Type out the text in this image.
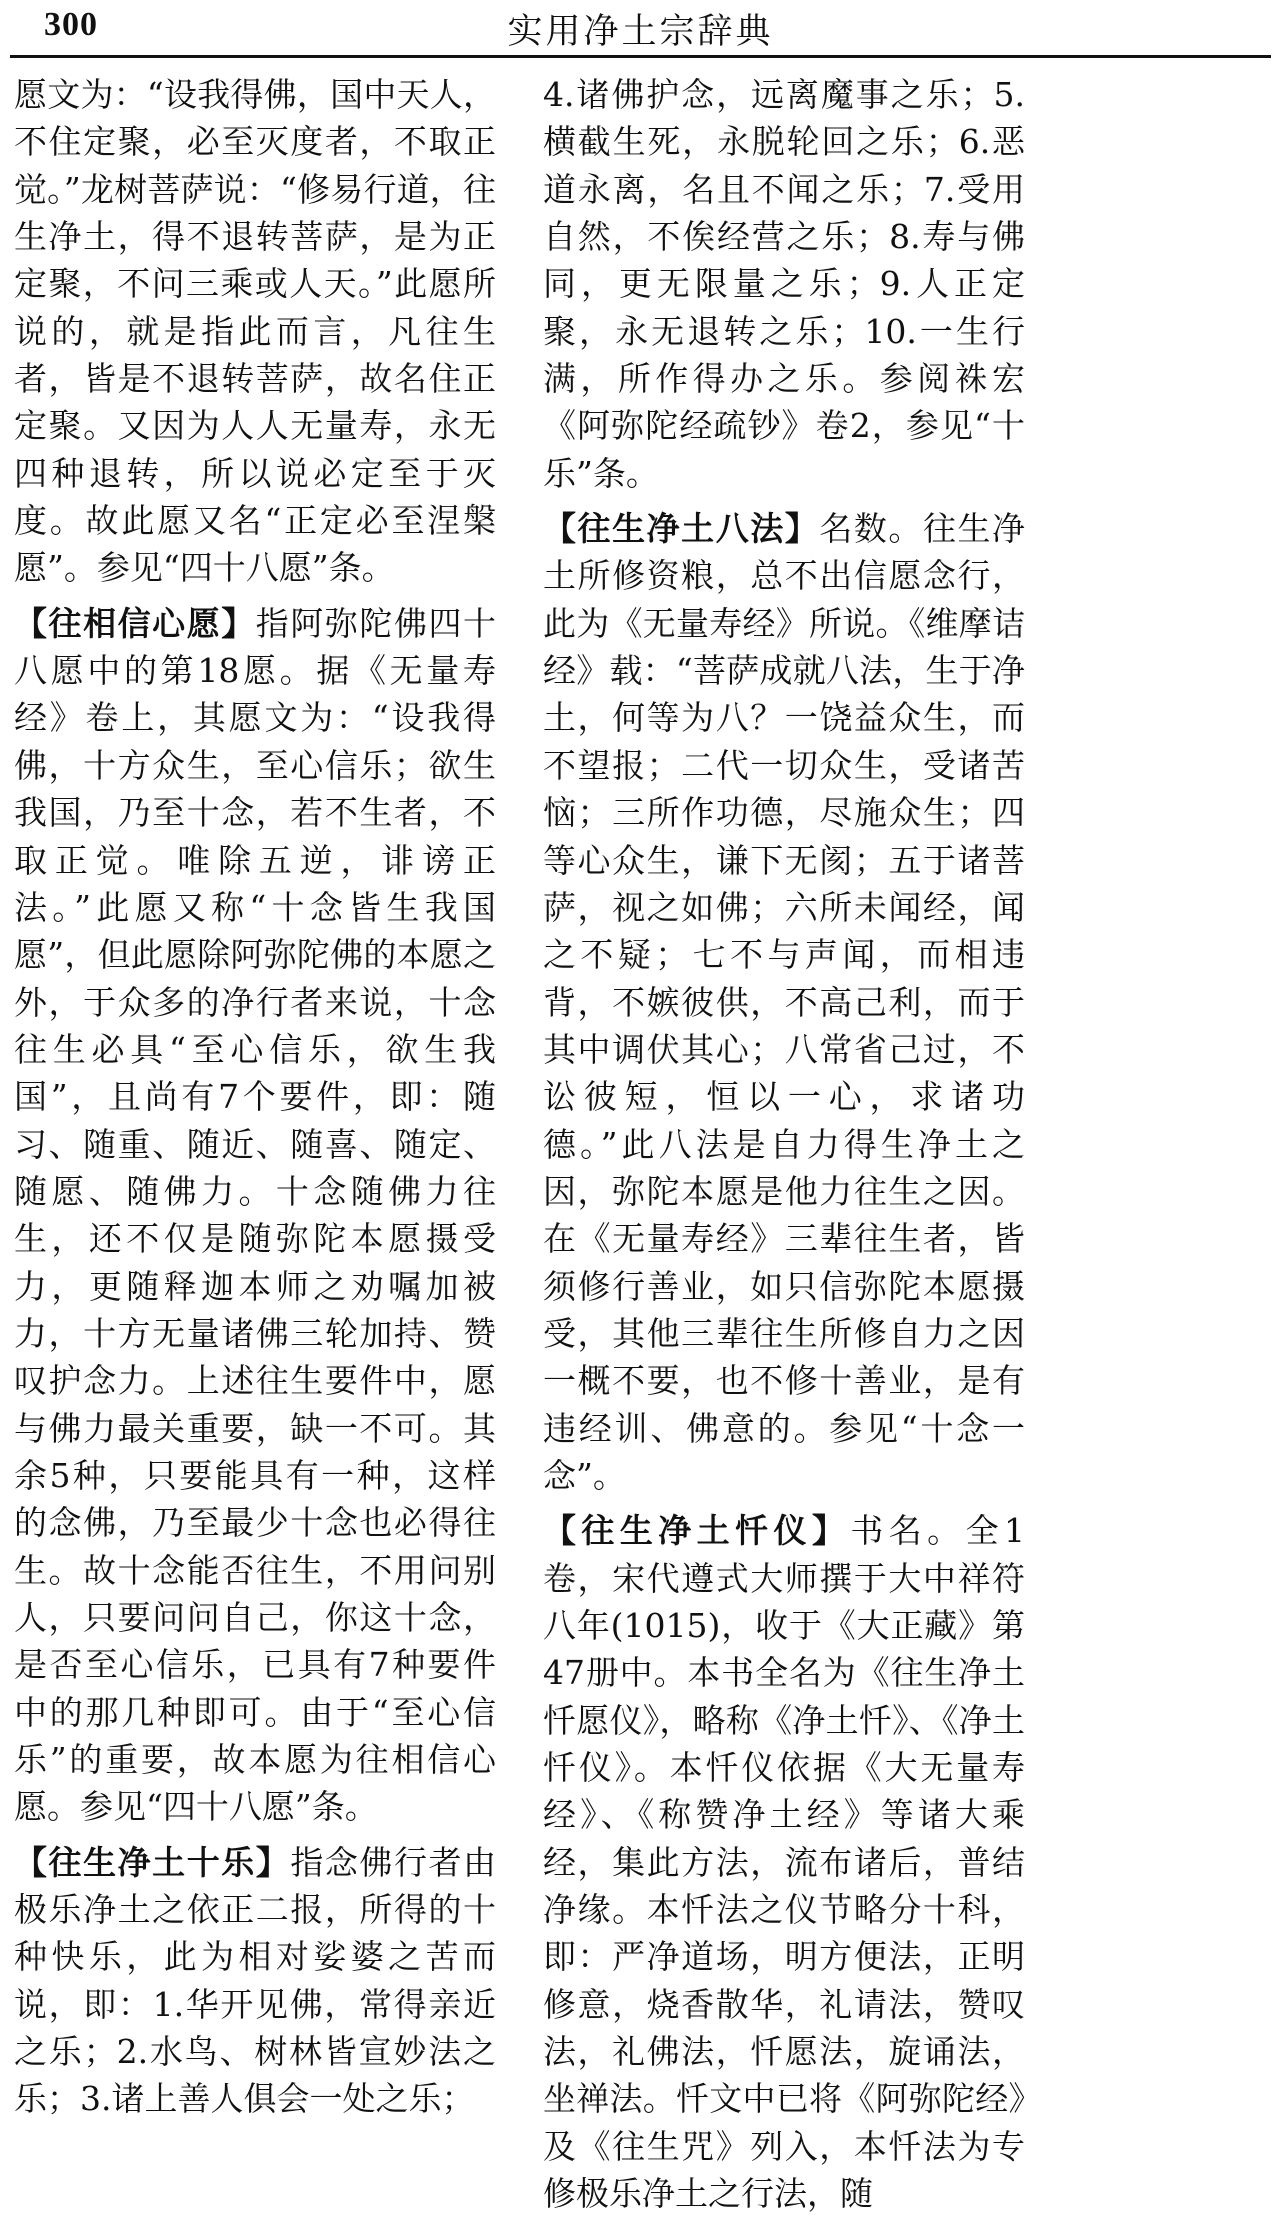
300	实用净土宗辞典

愿文为：“设我得佛，国中天人，不住定聚，必至灭度者，不取正觉。”龙树菩萨说：“修易行道，往生净土，得不退转菩萨，是为正定聚，不问三乘或人天。”此愿所说的，就是指此而言，凡往生者，皆是不退转菩萨，故名住正定聚。又因为人人无量寿，永无四种退转，所以说必定至于灭度。故此愿又名“正定必至涅槃愿”。参见“四十八愿”条。

【往相信心愿】指阿弥陀佛四十八愿中的第18愿。据《无量寿经》卷上，其愿文为：“设我得佛，十方众生，至心信乐；欲生我国，乃至十念，若不生者，不取正觉。唯除五逆，诽谤正法。”此愿又称“十念皆生我国愿”，但此愿除阿弥陀佛的本愿之外，于众多的净行者来说，十念往生必具“至心信乐，欲生我国”，且尚有7个要件，即：随习、随重、随近、随喜、随定、随愿、随佛力。十念随佛力往生，还不仅是随弥陀本愿摄受力，更随释迦本师之劝嘱加被力，十方无量诸佛三轮加持、赞叹护念力。上述往生要件中，愿与佛力最关重要，缺一不可。其余5种，只要能具有一种，这样的念佛，乃至最少十念也必得往生。故十念能否往生，不用问别人，只要问问自己，你这十念，是否至心信乐，已具有7种要件中的那几种即可。由于“至心信乐”的重要，故本愿为往相信心愿。参见“四十八愿”条。

【往生净土十乐】指念佛行者由极乐净土之依正二报，所得的十种快乐，此为相对娑婆之苦而说，即：1.华开见佛，常得亲近之乐；2.水鸟、树林皆宣妙法之乐；3.诸上善人俱会一处之乐；

4.诸佛护念，远离魔事之乐；5.横截生死，永脱轮回之乐；6.恶道永离，名且不闻之乐；7.受用自然，不俟经营之乐；8.寿与佛同，更无限量之乐；9.人正定聚，永无退转之乐；10.一生行满，所作得办之乐。参阅袾宏《阿弥陀经疏钞》卷2，参见“十乐”条。

【往生净土八法】名数。往生净土所修资粮，总不出信愿念行，此为《无量寿经》所说。《维摩诘经》载：“菩萨成就八法，生于净土，何等为八？一饶益众生，而不望报；二代一切众生，受诸苦恼；三所作功德，尽施众生；四等心众生，谦下无阂；五于诸菩萨，视之如佛；六所未闻经，闻之不疑；七不与声闻，而相违背，不嫉彼供，不高己利，而于其中调伏其心；八常省己过，不讼彼短，恒以一心，求诸功德。”此八法是自力得生净土之因，弥陀本愿是他力往生之因。在《无量寿经》三辈往生者，皆须修行善业，如只信弥陀本愿摄受，其他三辈往生所修自力之因一概不要，也不修十善业，是有违经训、佛意的。参见“十念一念”。

【往生净土忏仪】书名。全1卷，宋代遵式大师撰于大中祥符八年(1015)，收于《大正藏》第47册中。本书全名为《往生净土忏愿仪》，略称《净土忏》、《净土忏仪》。本忏仪依据《大无量寿经》、《称赞净土经》等诸大乘经，集此方法，流布诸后，普结净缘。本忏法之仪节略分十科，即：严净道场，明方便法，正明修意，烧香散华，礼请法，赞叹法，礼佛法，忏愿法，旋诵法，坐禅法。忏文中已将《阿弥陀经》及《往生咒》列入，本忏法为专修极乐净土之行法，随
